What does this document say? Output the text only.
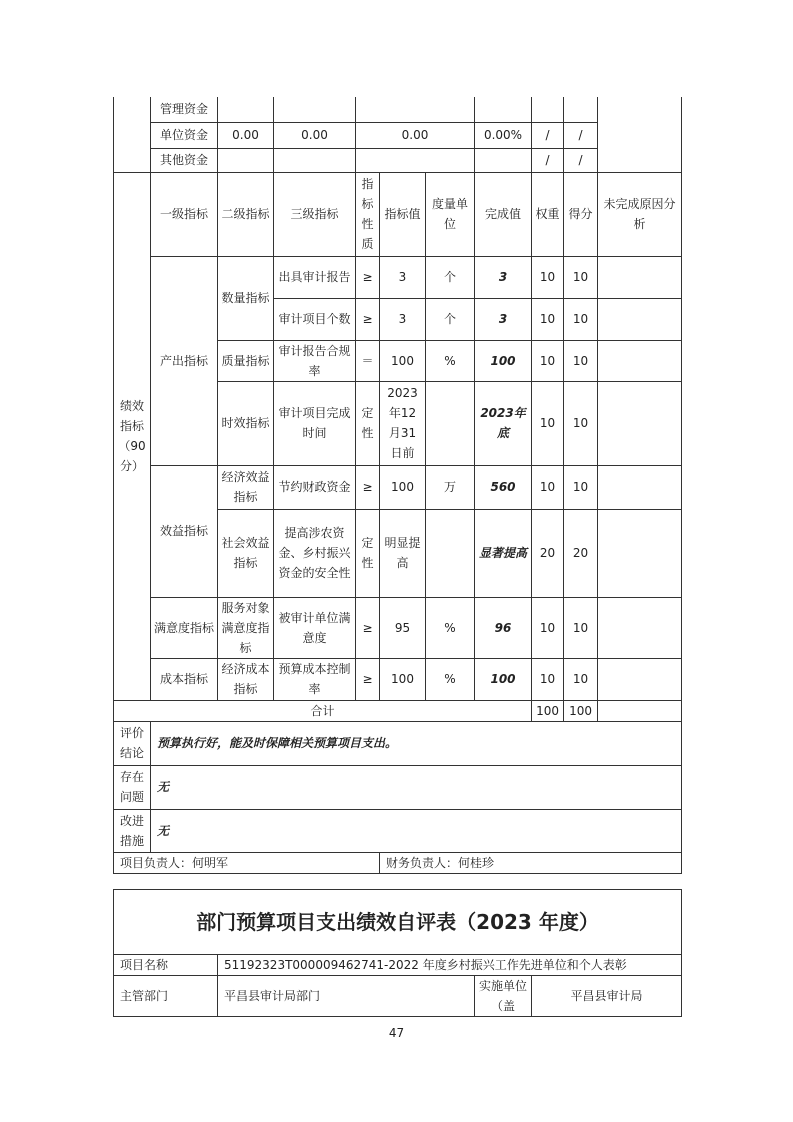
	管理资金									
	单位资金	0.00	0.00	0.00			0.00%	/	/	
	其他资金							/	/	
绩效指标（90分）	一级指标	二级指标	三级指标	指标性质	指标值	度量单位	完成值	权重	得分	未完成原因分析
	产出指标	数量指标	出具审计报告	≥	3	个	3	10	10	
			审计项目个数	≥	3	个	3	10	10	
		质量指标	审计报告合规率	＝	100	%	100	10	10	
		时效指标	审计项目完成时间	定性	2023年12月31日前		2023年底	10	10	
	效益指标	经济效益指标	节约财政资金	≥	100	万	560	10	10	
		社会效益指标	提高涉农资金、乡村振兴资金的安全性	定性	明显提高		显著提高	20	20	
	满意度指标	服务对象满意度指标	被审计单位满意度	≥	95	%	96	10	10	
	成本指标	经济成本指标	预算成本控制率	≥	100	%	100	10	10	
合计								100	100	
评价结论	预算执行好，能及时保障相关预算项目支出。									
存在问题	无									
改进措施	无									
项目负责人：何明军					财务负责人：何桂珍					
部门预算项目支出绩效自评表（2023 年度）			
项目名称	51192323T000009462741-2022 年度乡村振兴工作先进单位和个人表彰		
主管部门	平昌县审计局部门	实施单位（盖	平昌县审计局
47
